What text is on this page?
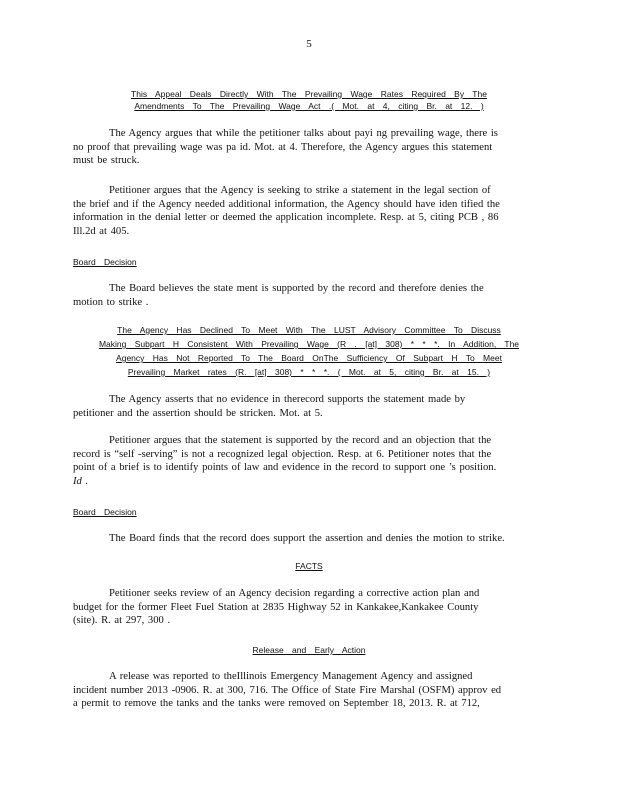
5
This Appeal Deals Directly With The Prevailing Wage Rates Required By The
Amendments To The Prevailing Wage Act .( Mot. at 4, citing Br. at 12. )
The Agency argues that while the petitioner talks about payi ng prevailing wage, there is
no proof that prevailing wage was pa id. Mot. at 4. Therefore, the Agency argues this statement
must be struck.
Petitioner argues that the Agency is seeking to strike a statement in the legal section of
the brief and if the Agency needed additional information, the Agency should have iden tified the
information in the denial letter or deemed the application incomplete. Resp. at 5, citing PCB , 86
Ill.2d at 405.
Board Decision
The Board believes the state ment is supported by the record and therefore denies the
motion to strike .
The Agency Has Declined To Meet With The LUST Advisory Committee To Discuss
Making Subpart H Consistent With Prevailing Wage (R . [at] 308) * * *. In Addition, The
Agency Has Not Reported To The Board OnThe Sufficiency Of Subpart H To Meet
Prevailing Market rates (R. [at] 308) * * *. ( Mot. at 5, citing Br. at 15. )
The Agency asserts that no evidence in therecord supports the statement made by
petitioner and the assertion should be stricken. Mot. at 5.
Petitioner argues that the statement is supported by the record and an objection that the
record is “self -serving” is not a recognized legal objection. Resp. at 6. Petitioner notes that the
point of a brief is to identify points of law and evidence in the record to support one ’s position.
Id .
Board Decision
The Board finds that the record does support the assertion and denies the motion to strike.
FACTS
Petitioner seeks review of an Agency decision regarding a corrective action plan and
budget for the former Fleet Fuel Station at 2835 Highway 52 in Kankakee,Kankakee County
(site). R. at 297, 300 .
Release and Early Action
A release was reported to theIllinois Emergency Management Agency and assigned
incident number 2013 -0906. R. at 300, 716. The Office of State Fire Marshal (OSFM) approv ed
a permit to remove the tanks and the tanks were removed on September 18, 2013. R. at 712,
